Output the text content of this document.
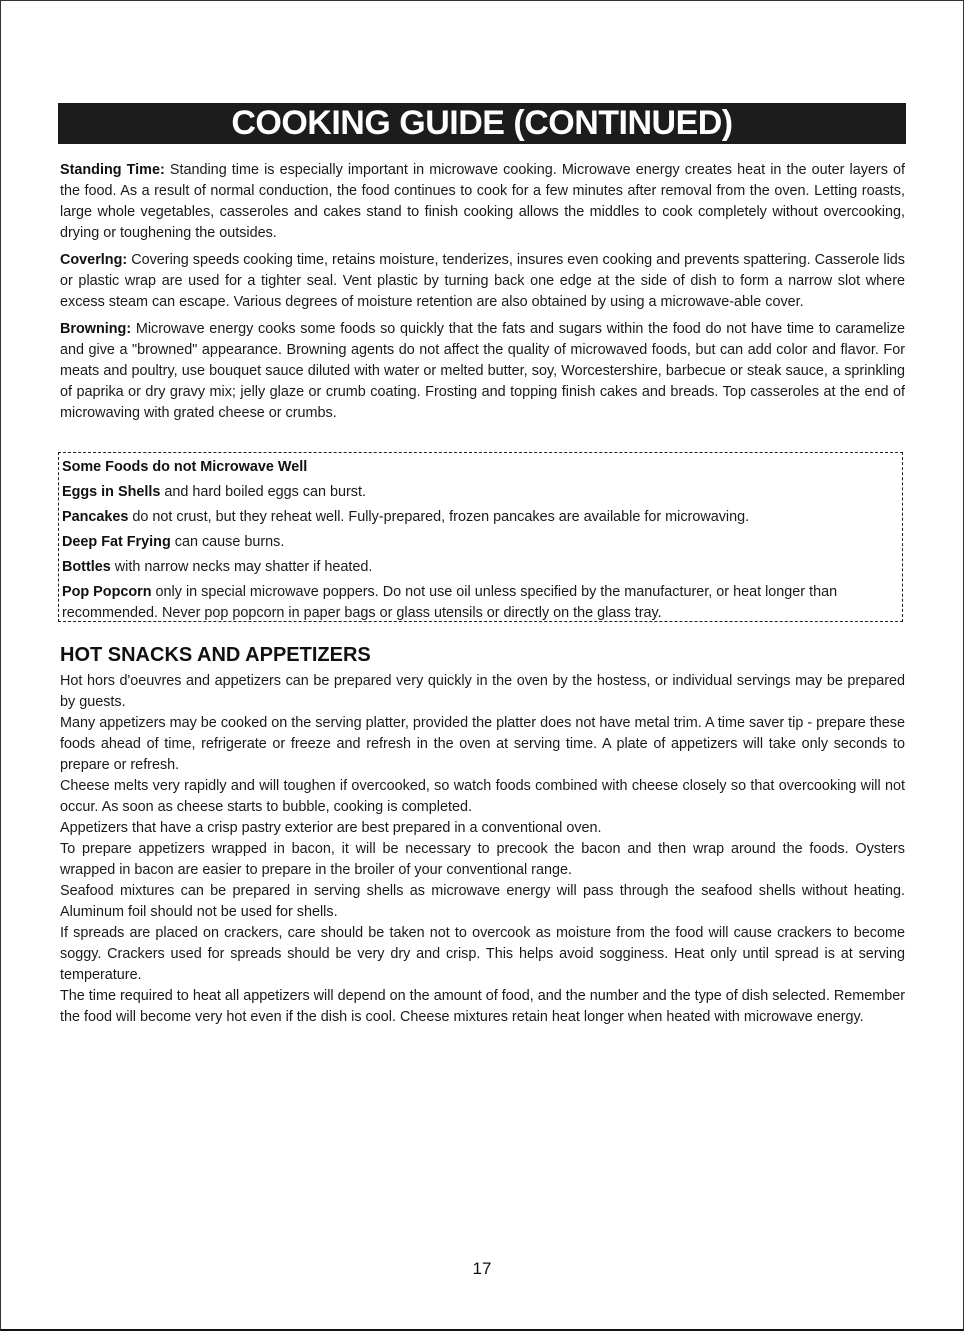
COOKING GUIDE (CONTINUED)

Standing Time: Standing time is especially important in microwave cooking. Microwave energy creates heat in the outer layers of the food. As a result of normal conduction, the food continues to cook for a few minutes after removal from the oven. Letting roasts, large whole vegetables, casseroles and cakes stand to finish cooking allows the middles to cook completely without overcooking, drying or toughening the outsides.

Coverlng: Covering speeds cooking time, retains moisture, tenderizes, insures even cooking and prevents spattering. Casserole lids or plastic wrap are used for a tighter seal. Vent plastic by turning back one edge at the side of dish to form a narrow slot where excess steam can escape. Various degrees of moisture retention are also obtained by using a microwave-able cover.

Browning: Microwave energy cooks some foods so quickly that the fats and sugars within the food do not have time to caramelize and give a "browned" appearance. Browning agents do not affect the quality of microwaved foods, but can add color and flavor. For meats and poultry, use bouquet sauce diluted with water or melted butter, soy, Worcestershire, barbecue or steak sauce, a sprinkling of paprika or dry gravy mix; jelly glaze or crumb coating. Frosting and topping finish cakes and breads. Top casseroles at the end of microwaving with grated cheese or crumbs.

Some Foods do not Microwave Well
Eggs in Shells and hard boiled eggs can burst.
Pancakes do not crust, but they reheat well. Fully-prepared, frozen pancakes are available for microwaving.
Deep Fat Frying can cause burns.
Bottles with narrow necks may shatter if heated.
Pop Popcorn only in special microwave poppers. Do not use oil unless specified by the manufacturer, or heat longer than recommended. Never pop popcorn in paper bags or glass utensils or directly on the glass tray.
HOT SNACKS AND APPETIZERS

Hot hors d'oeuvres and appetizers can be prepared very quickly in the oven by the hostess, or individual servings may be prepared by guests.

Many appetizers may be cooked on the serving platter, provided the platter does not have metal trim. A time saver tip - prepare these foods ahead of time, refrigerate or freeze and refresh in the oven at serving time. A plate of appetizers will take only seconds to prepare or refresh.

Cheese melts very rapidly and will toughen if overcooked, so watch foods combined with cheese closely so that overcooking will not occur. As soon as cheese starts to bubble, cooking is completed.

Appetizers that have a crisp pastry exterior are best prepared in a conventional oven.

To prepare appetizers wrapped in bacon, it will be necessary to precook the bacon and then wrap around the foods. Oysters wrapped in bacon are easier to prepare in the broiler of your conventional range.

Seafood mixtures can be prepared in serving shells as microwave energy will pass through the seafood shells without heating. Aluminum foil should not be used for shells.

If spreads are placed on crackers, care should be taken not to overcook as moisture from the food will cause crackers to become soggy. Crackers used for spreads should be very dry and crisp. This helps avoid sogginess. Heat only until spread is at serving temperature.

The time required to heat all appetizers will depend on the amount of food, and the number and the type of dish selected. Remember the food will become very hot even if the dish is cool. Cheese mixtures retain heat longer when heated with microwave energy.

17
